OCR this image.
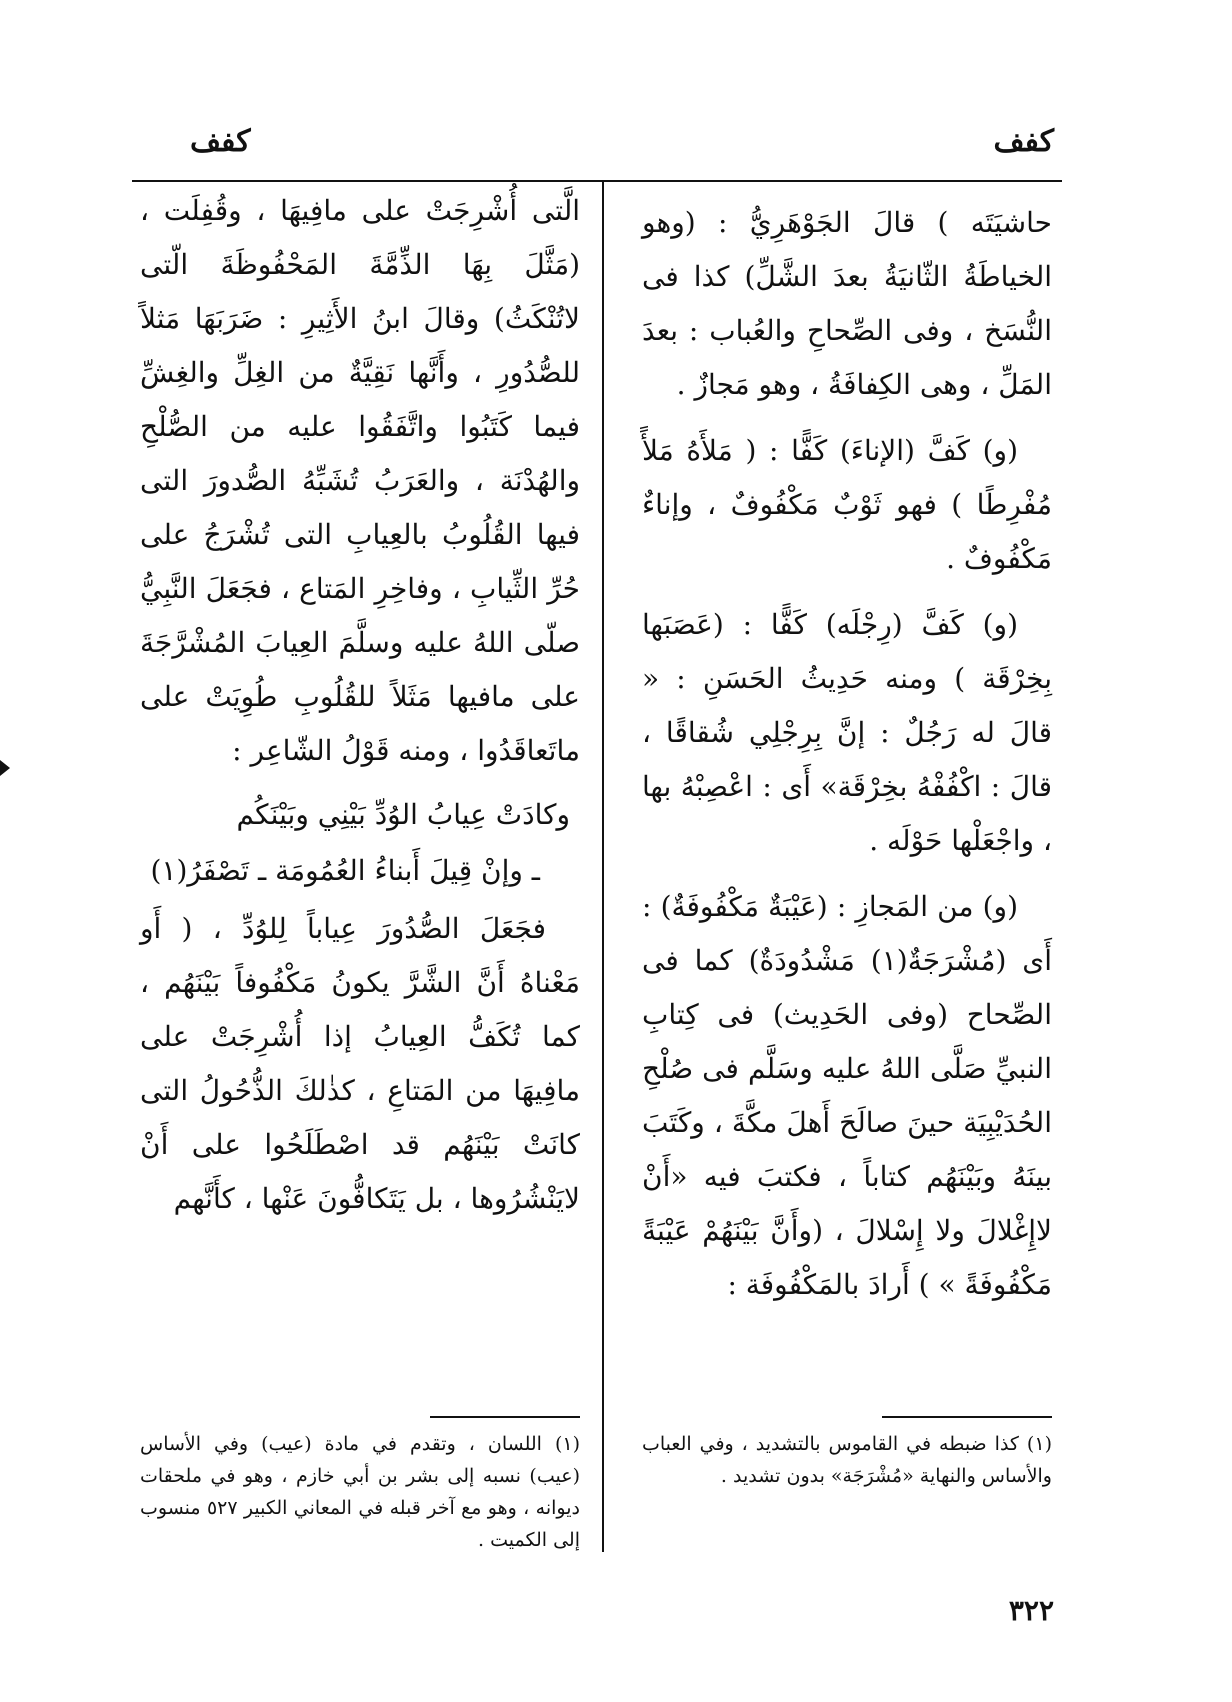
كفف
كفف

حاشيَتَه ) قالَ الجَوْهَرِيُّ : (وهو الخياطَةُ الثّانيَةُ بعدَ الشَّلِّ) كذا فى النُّسَخ ، وفى الصِّحاحِ والعُباب : بعدَ المَلِّ ، وهى الكِفافَةُ ، وهو مَجازٌ .

(و) كَفَّ (الإناءَ) كَفًّا : ( مَلأَهُ مَلأً مُفْرِطًا ) فهو ثَوْبٌ مَكْفُوفٌ ، وإناءٌ مَكْفُوفٌ .

(و) كَفَّ (رِجْلَه) كَفًّا : (عَصَبَها بِخِرْقَة ) ومنه حَدِيثُ الحَسَنِ : « قالَ له رَجُلٌ : إنَّ بِرِجْلِي شُقاقًا ، قالَ : اكْفُفْهُ بخِرْقَة» أَى : اعْصِبْهُ بها ، واجْعَلْها حَوْلَه .

(و) من المَجازِ : (عَيْبَةٌ مَكْفُوفَةٌ) : أَى (مُشْرَجَةٌ(١) مَشْدُودَةٌ) كما فى الصِّحاح (وفى الحَدِيث) فى كِتابِ النبيِّ صَلَّى اللهُ عليه وسَلَّم فى صُلْحِ الحُدَيْبِيَة حينَ صالَحَ أَهلَ مكَّةَ ، وكَتَبَ بينَهُ وبَيْنَهُم كتاباً ، فكتبَ فيه «أَنْ لاإِغْلالَ ولا إِسْلالَ ، (وأَنَّ بَيْنَهُمْ عَيْبَةً مَكْفُوفَةً » ) أَرادَ بالمَكْفُوفَة :

الَّتى أُشْرِجَتْ على مافِيهَا ، وقُفِلَت ، (مَثَّلَ بِهَا الذِّمَّةَ المَحْفُوظَةَ الّتى لاتُنْكَثُ) وقالَ ابنُ الأَثِيرِ : ضَرَبَهَا مَثلاً للصُّدُورِ ، وأَنَّها نَقِيَّةٌ من الغِلِّ والغِشِّ فيما كَتَبُوا واتَّفَقُوا عليه من الصُّلْحِ والهُدْنَة ، والعَرَبُ تُشَبِّهُ الصُّدورَ التى فيها القُلُوبُ بالعِيابِ التى تُشْرَجُ على حُرِّ الثِّيابِ ، وفاخِرِ المَتاع ، فجَعَلَ النَّبِيُّ صلّى اللهُ عليه وسلَّمَ العِيابَ المُشْرَّجَةَ على مافيها مَثَلاً للقُلُوبِ طُوِيَتْ على ماتَعاقَدُوا ، ومنه قَوْلُ الشّاعِر :

وكادَتْ عِيابُ الوُدِّ بَيْنِي وبَيْنَكُم
ـ وإنْ قِيلَ أَبناءُ العُمُومَة ـ تَصْفَرُ(١)

فجَعَلَ الصُّدُورَ عِياباً لِلوُدِّ ، ( أَو مَعْناهُ أَنَّ الشَّرَّ يكونُ مَكْفُوفاً بَيْنَهُم ، كما تُكَفُّ العِيابُ إذا أُشْرِجَتْ على مافِيهَا من المَتاعِ ، كذٰلكَ الذُّحُولُ التى كانَتْ بَيْنَهُم قد اصْطَلَحُوا على أَنْ لايَنْشُرُوها ، بل يَتَكافُّونَ عَنْها ، كأَنَّهم

(١) كذا ضبطه في القاموس بالتشديد ، وفي العباب والأساس والنهاية «مُشْرَجَة» بدون تشديد .
(١) اللسان ، وتقدم في مادة (عيب) وفي الأساس (عيب) نسبه إلى بشر بن أبي خازم ، وهو في ملحقات ديوانه ، وهو مع آخر قبله في المعاني الكبير ٥٢٧ منسوب إلى الكميت .
٣٢٢
